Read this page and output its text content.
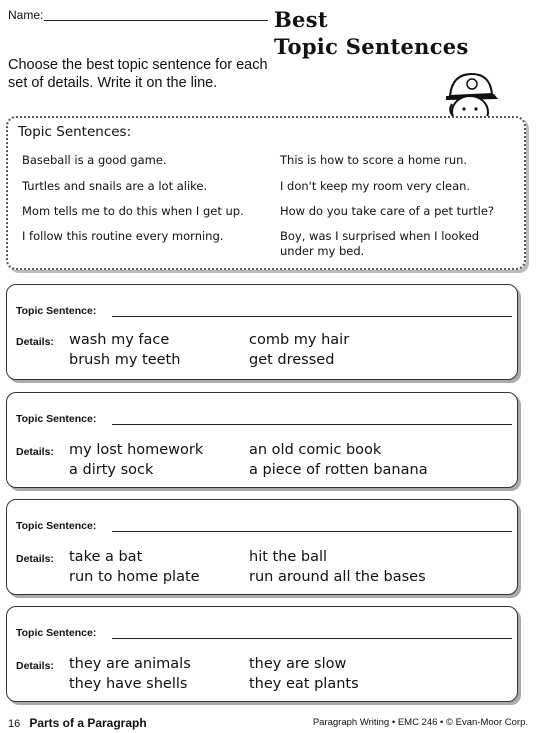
Name:	Best
Topic Sentences
Choose the best topic sentence for each set of details. Write it on the line.
Topic Sentences:
Baseball is a good game.
Turtles and snails are a lot alike.
Mom tells me to do this when I get up.
I follow this routine every morning.
This is how to score a home run.
I don't keep my room very clean.
How do you take care of a pet turtle?
Boy, was I surprised when I looked under my bed.
Topic Sentence:
Details: wash my face	comb my hair
brush my teeth	get dressed
Topic Sentence:
Details: my lost homework	an old comic book
a dirty sock	a piece of rotten banana
Topic Sentence:
Details: take a bat	hit the ball
run to home plate	run around all the bases
Topic Sentence:
Details: they are animals	they are slow
they have shells	they eat plants
16 Parts of a Paragraph	Paragraph Writing • EMC 246 • © Evan-Moor Corp.
